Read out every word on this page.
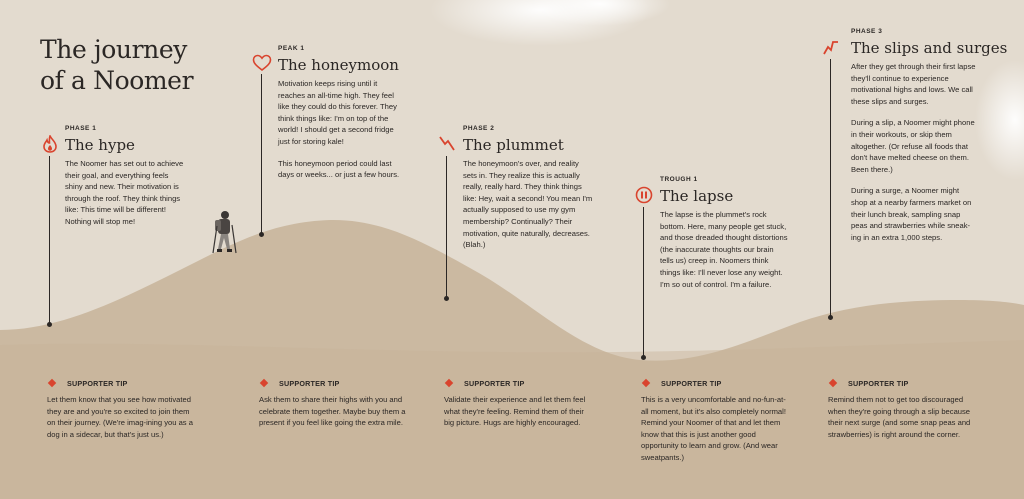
The journey
of a Noomer
PHASE 1
The hype

The Noomer has set out to achieve their goal, and everything feels shiny and new. Their motivation is through the roof. They think things like: This time will be different! Nothing will stop me!

PEAK 1
The honeymoon

Motivation keeps rising until it reaches an all-time high. They feel like they could do this forever. They think things like: I'm on top of the world! I should get a second fridge just for storing kale!

This honeymoon period could last days or weeks... or just a few hours.

PHASE 2
The plummet

The honeymoon's over, and reality sets in. They realize this is actually really, really hard. They think things like: Hey, wait a second! You mean I'm actually supposed to use my gym membership? Continually? Their motivation, quite naturally, decreases. (Blah.)

TROUGH 1
The lapse

The lapse is the plummet's rock bottom. Here, many people get stuck, and those dreaded thought distortions (the inaccurate thoughts our brain tells us) creep in. Noomers think things like: I'll never lose any weight. I'm so out of control. I'm a failure.

PHASE 3
The slips and surges

After they get through their first lapse they'll continue to experience motivational highs and lows. We call these slips and surges.

During a slip, a Noomer might phone in their workouts, or skip them altogether. (Or refuse all foods that don't have melted cheese on them. Been there.)

During a surge, a Noomer might shop at a nearby farmers market on their lunch break, sampling snap peas and strawberries while sneak-ing in an extra 1,000 steps.

SUPPORTER TIP
Let them know that you see how motivated they are and you're so excited to join them on their journey. (We're imag-ining you as a dog in a sidecar, but that's just us.)
SUPPORTER TIP
Ask them to share their highs with you and celebrate them together. Maybe buy them a present if you feel like going the extra mile.
SUPPORTER TIP
Validate their experience and let them feel what they're feeling. Remind them of their big picture. Hugs are highly encouraged.
SUPPORTER TIP
This is a very uncomfortable and no-fun-at-all moment, but it's also completely normal! Remind your Noomer of that and let them know that this is just another good opportunity to learn and grow. (And wear sweatpants.)
SUPPORTER TIP
Remind them not to get too discouraged when they're going through a slip because their next surge (and some snap peas and strawberries) is right around the corner.
